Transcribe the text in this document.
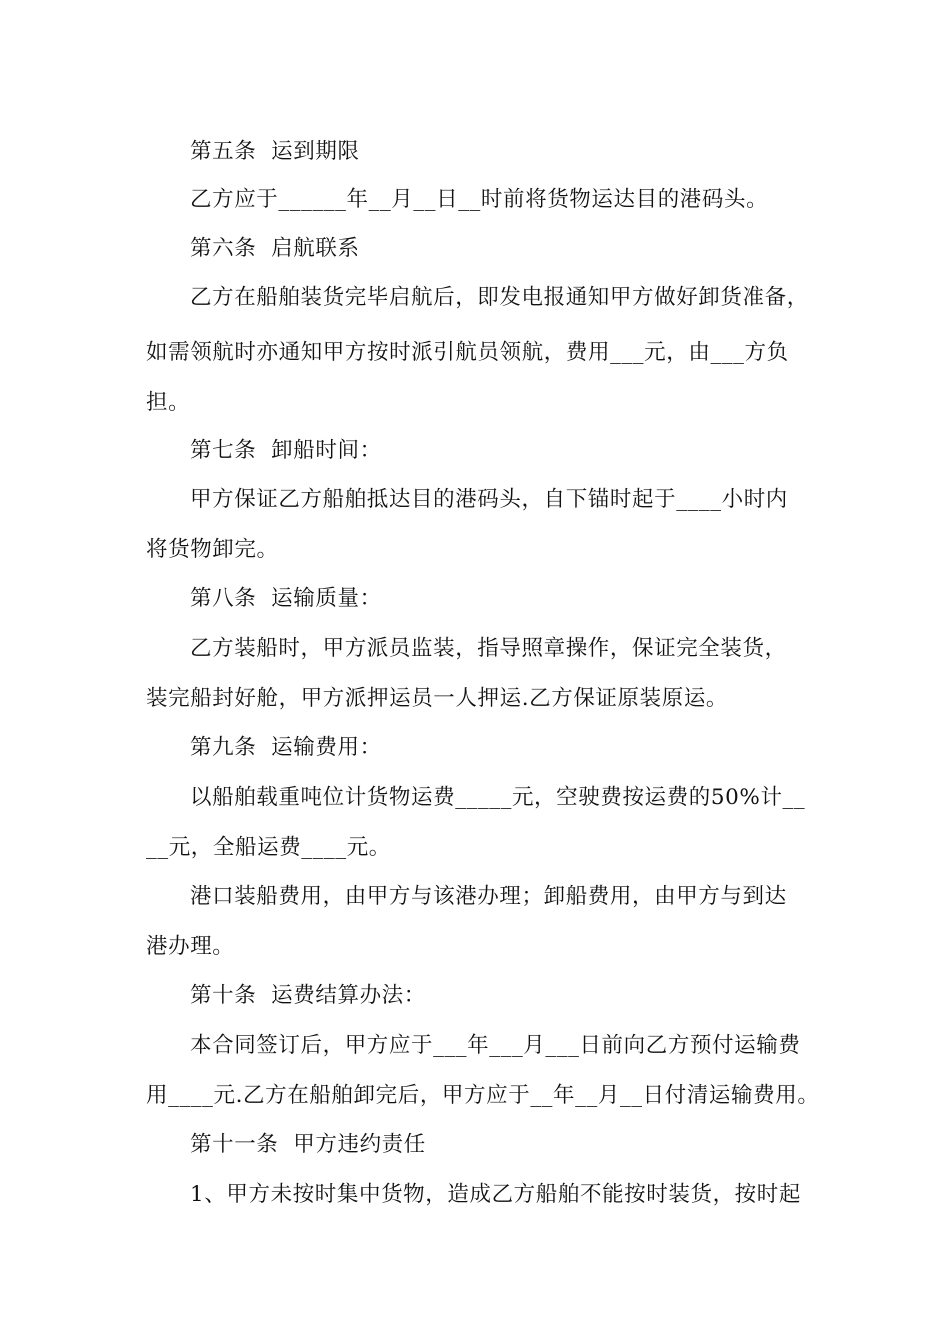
第五条  运到期限
乙方应于______年__月__日__时前将货物运达目的港码头。
第六条  启航联系
乙方在船舶装货完毕启航后，即发电报通知甲方做好卸货准备，
如需领航时亦通知甲方按时派引航员领航，费用___元，由___方负
担。
第七条  卸船时间：
甲方保证乙方船舶抵达目的港码头，自下锚时起于____小时内
将货物卸完。
第八条  运输质量：
乙方装船时，甲方派员监装，指导照章操作，保证完全装货，
装完船封好舱，甲方派押运员一人押运.乙方保证原装原运。
第九条  运输费用：
以船舶载重吨位计货物运费_____元，空驶费按运费的50%计__
__元，全船运费____元。
港口装船费用，由甲方与该港办理；卸船费用，由甲方与到达
港办理。
第十条  运费结算办法：
本合同签订后，甲方应于___年___月___日前向乙方预付运输费
用____元.乙方在船舶卸完后，甲方应于__年__月__日付清运输费用。
第十一条  甲方违约责任
1、甲方未按时集中货物，造成乙方船舶不能按时装货，按时起
